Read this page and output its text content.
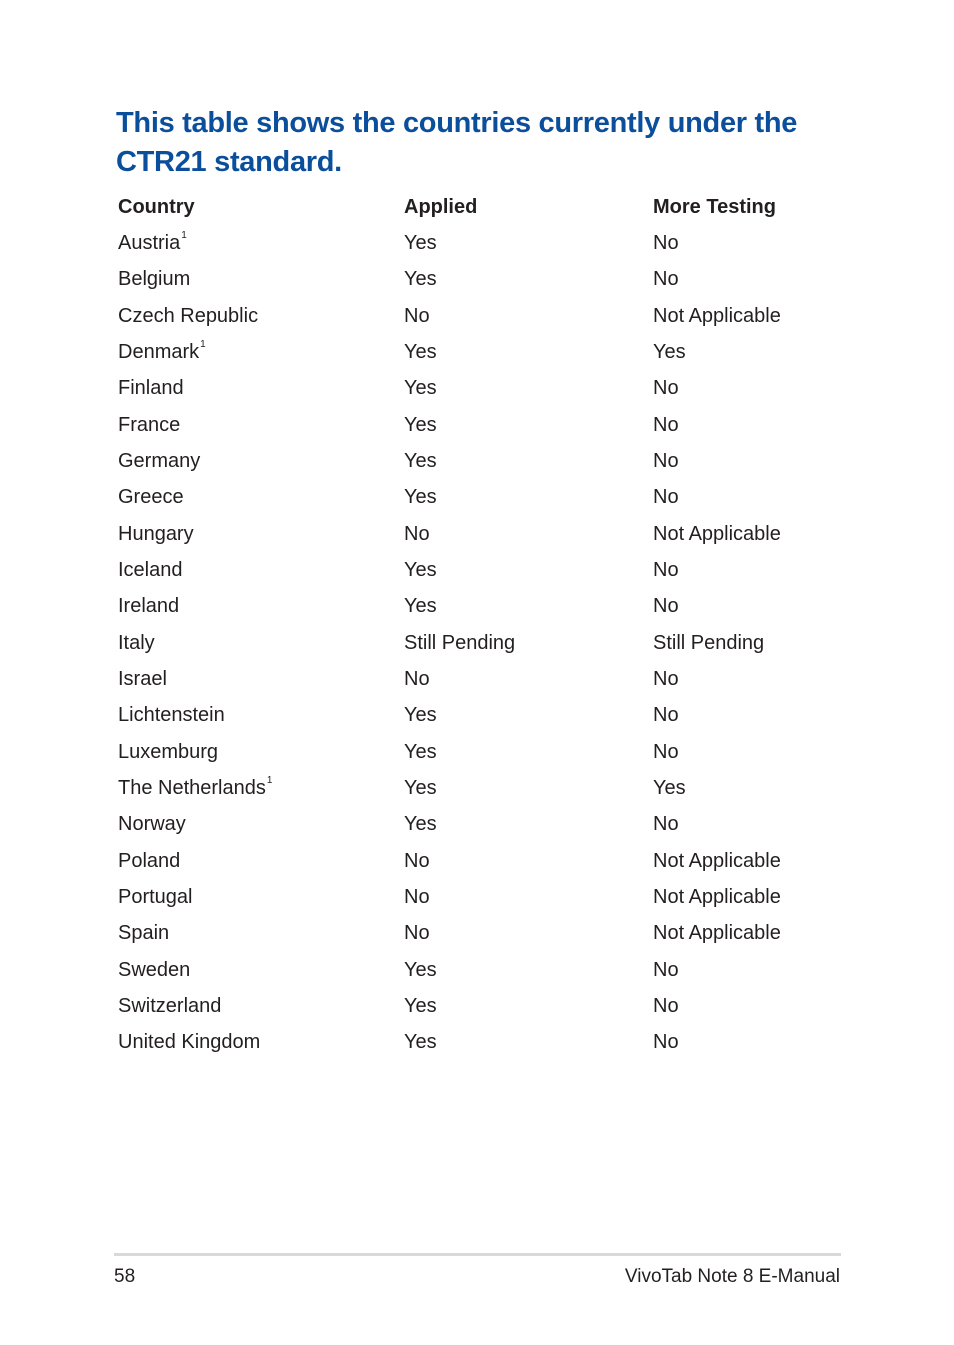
This table shows the countries currently under the CTR21 standard.
Country	Applied	More Testing
Austria$^1$	Yes	No
Belgium	Yes	No
Czech Republic	No	Not Applicable
Denmark$^1$	Yes	Yes
Finland	Yes	No
France	Yes	No
Germany	Yes	No
Greece	Yes	No
Hungary	No	Not Applicable
Iceland	Yes	No
Ireland	Yes	No
Italy	Still Pending	Still Pending
Israel	No	No
Lichtenstein	Yes	No
Luxemburg	Yes	No
The Netherlands$^1$	Yes	Yes
Norway	Yes	No
Poland	No	Not Applicable
Portugal	No	Not Applicable
Spain	No	Not Applicable
Sweden	Yes	No
Switzerland	Yes	No
United Kingdom	Yes	No
58	VivoTab Note 8 E-Manual
